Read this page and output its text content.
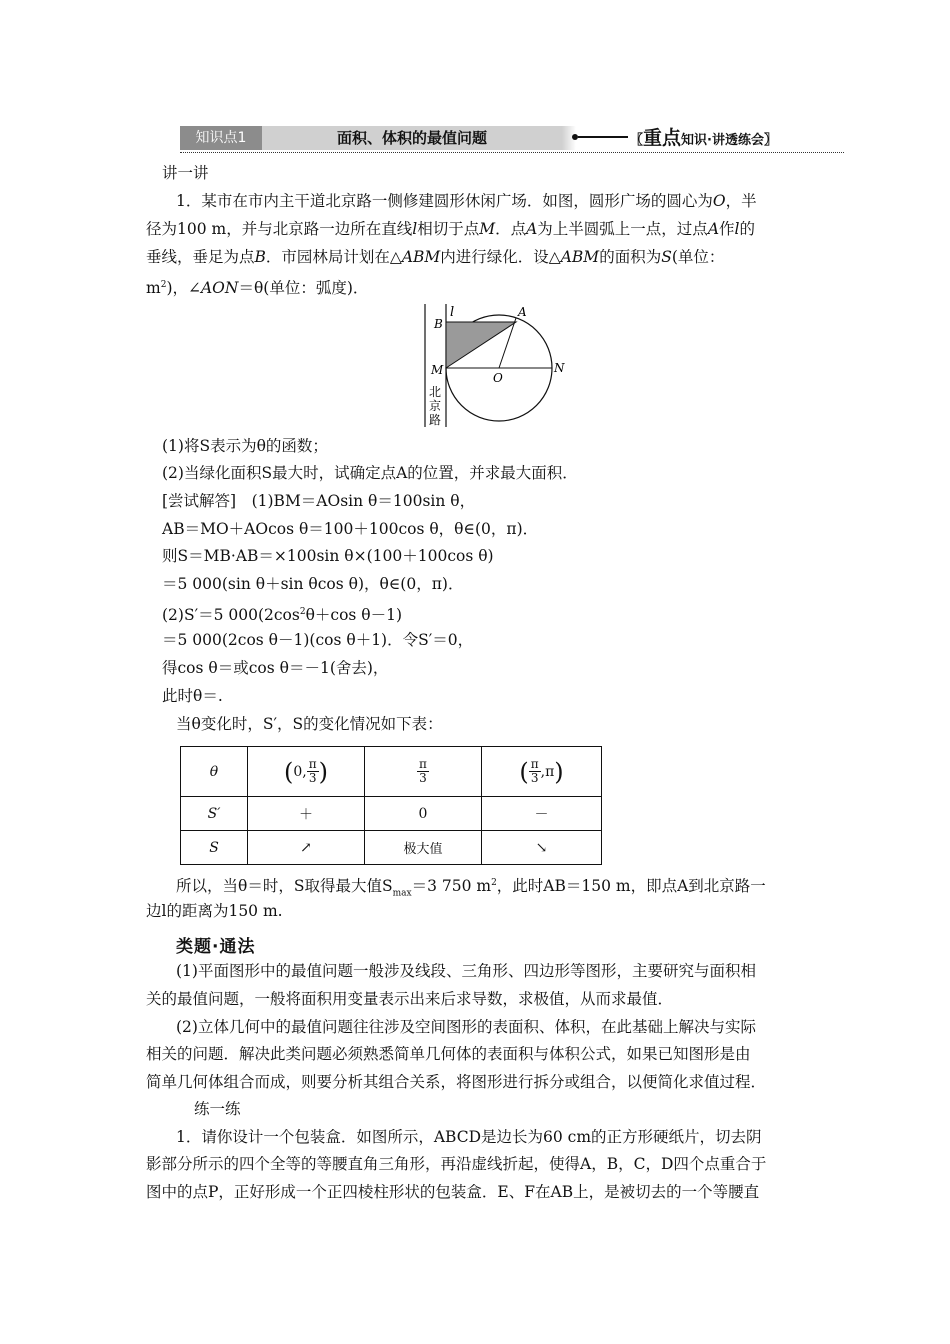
知识点1	面积、体积的最值问题	〖重点知识·讲透练会〗
讲一讲
1．某市在市内主干道北京路一侧修建圆形休闲广场．如图，圆形广场的圆心为O，半
径为100 m，并与北京路一边所在直线l相切于点M．点A为上半圆弧上一点，过点A作l的
垂线，垂足为点B．市园林局计划在△ABM内进行绿化．设△ABM的面积为S(单位：
$m^2$)，∠AON＝θ(单位：弧度)．
l
B
A
M
O
N
北
京
路
(1)将S表示为θ的函数；
(2)当绿化面积S最大时，试确定点A的位置，并求最大面积．
[尝试解答]　(1)BM＝AOsin θ＝100sin θ，
AB＝MO＋AOcos θ＝100＋100cos θ，θ∈(0，π)．
则S＝MB·AB＝×100sin θ×(100＋100cos θ)
＝5 000(sin θ＋sin θcos θ)，θ∈(0，π)．
(2)S′＝5 $000(2\cos^2\theta+\cos$ θ－1)
＝5 000(2cos θ－1)(cos θ＋1)．令S′＝0，
得cos θ＝或cos θ＝－1(舍去)，
此时θ＝.
当θ变化时，S′，S的变化情况如下表：
θ	(0, $\frac{\pi}{3}$ )	$\frac{\pi}{3}$	( $\frac{\pi}{3} ,\pi$)
S′	＋	0	－
S	↗	极大值	↘
所以，当θ＝时，S取得最大值$S_{max}=3$ 750 $m^2$，此时AB＝150 m，即点A到北京路一
边l的距离为150 m.
类题·通法
(1)平面图形中的最值问题一般涉及线段、三角形、四边形等图形，主要研究与面积相
关的最值问题，一般将面积用变量表示出来后求导数，求极值，从而求最值．
(2)立体几何中的最值问题往往涉及空间图形的表面积、体积，在此基础上解决与实际
相关的问题．解决此类问题必须熟悉简单几何体的表面积与体积公式，如果已知图形是由
简单几何体组合而成，则要分析其组合关系，将图形进行拆分或组合，以便简化求值过程．
练一练
1．请你设计一个包装盒．如图所示，ABCD是边长为60 cm的正方形硬纸片，切去阴
影部分所示的四个全等的等腰直角三角形，再沿虚线折起，使得A，B，C，D四个点重合于
图中的点P，正好形成一个正四棱柱形状的包装盒．E、F在AB上，是被切去的一个等腰直
